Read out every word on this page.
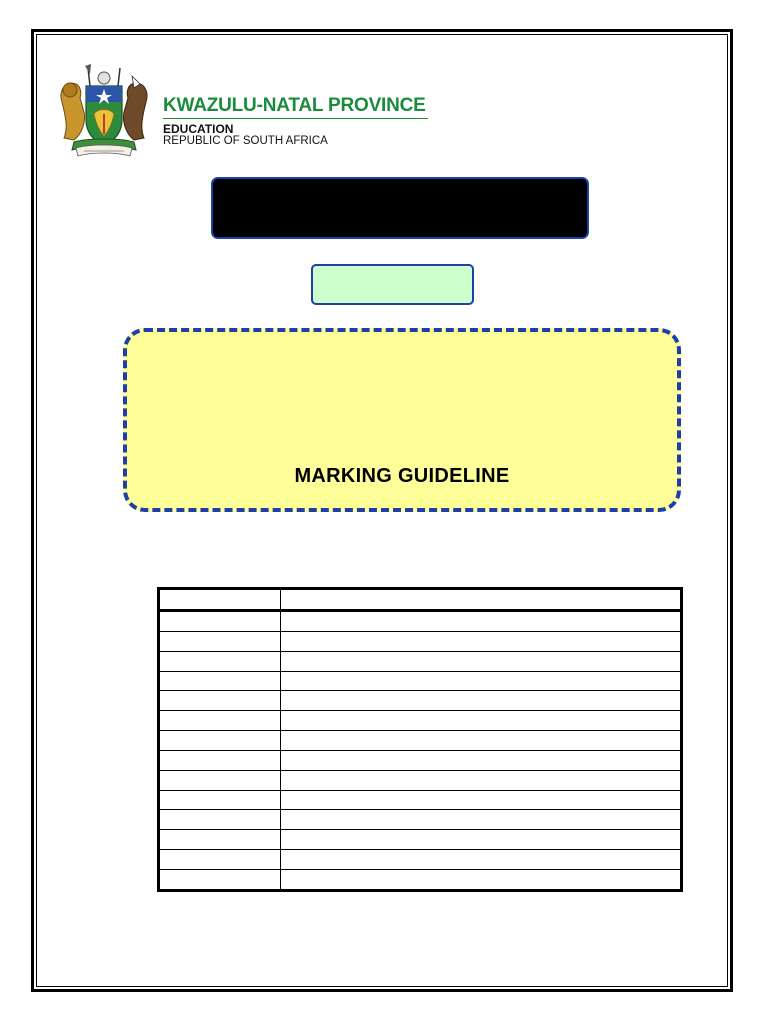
KWAZULU-NATAL PROVINCE
EDUCATION
REPUBLIC OF SOUTH AFRICA
MARKING GUIDELINE
